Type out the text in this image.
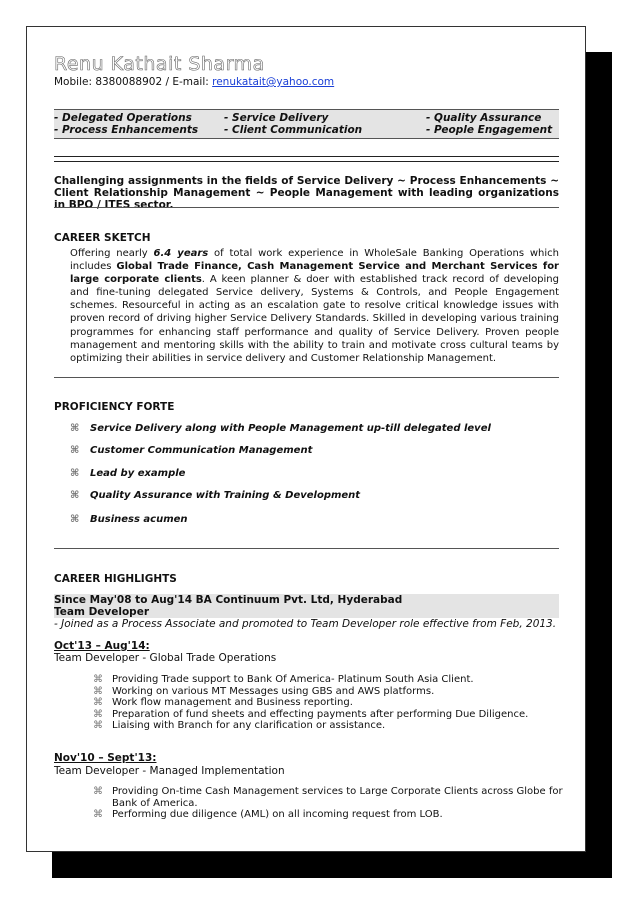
Renu Kathait Sharma
Mobile: 8380088902 / E-mail: renukatait@yahoo.com
- Delegated Operations
- Process Enhancements
- Service Delivery
- Client Communication
- Quality Assurance
- People Engagement
Challenging assignments in the fields of Service Delivery ~ Process Enhancements ~ Client Relationship Management ~ People Management with leading organizations in BPO / ITES sector.
CAREER SKETCH
Offering nearly 6.4 years of total work experience in WholeSale Banking Operations which includes Global Trade Finance, Cash Management Service and Merchant Services for large corporate clients. A keen planner & doer with established track record of developing and fine-tuning delegated Service delivery, Systems & Controls, and People Engagement schemes. Resourceful in acting as an escalation gate to resolve critical knowledge issues with proven record of driving higher Service Delivery Standards. Skilled in developing various training programmes for enhancing staff performance and quality of Service Delivery. Proven people management and mentoring skills with the ability to train and motivate cross cultural teams by optimizing their abilities in service delivery and Customer Relationship Management.
PROFICIENCY FORTE
⌘ Service Delivery along with People Management up-till delegated level
⌘ Customer Communication Management
⌘ Lead by example
⌘ Quality Assurance with Training & Development
⌘ Business acumen
CAREER HIGHLIGHTS
Since May'08 to Aug'14 BA Continuum Pvt. Ltd, Hyderabad
Team Developer
- Joined as a Process Associate and promoted to Team Developer role effective from Feb, 2013.
Oct'13 – Aug'14:
Team Developer - Global Trade Operations
⌘ Providing Trade support to Bank Of America- Platinum South Asia Client.
⌘ Working on various MT Messages using GBS and AWS platforms.
⌘ Work flow management and Business reporting.
⌘ Preparation of fund sheets and effecting payments after performing Due Diligence.
⌘ Liaising with Branch for any clarification or assistance.
Nov'10 – Sept'13:
Team Developer - Managed Implementation
⌘ Providing On-time Cash Management services to Large Corporate Clients across Globe for Bank of America.
⌘ Performing due diligence (AML) on all incoming request from LOB.
